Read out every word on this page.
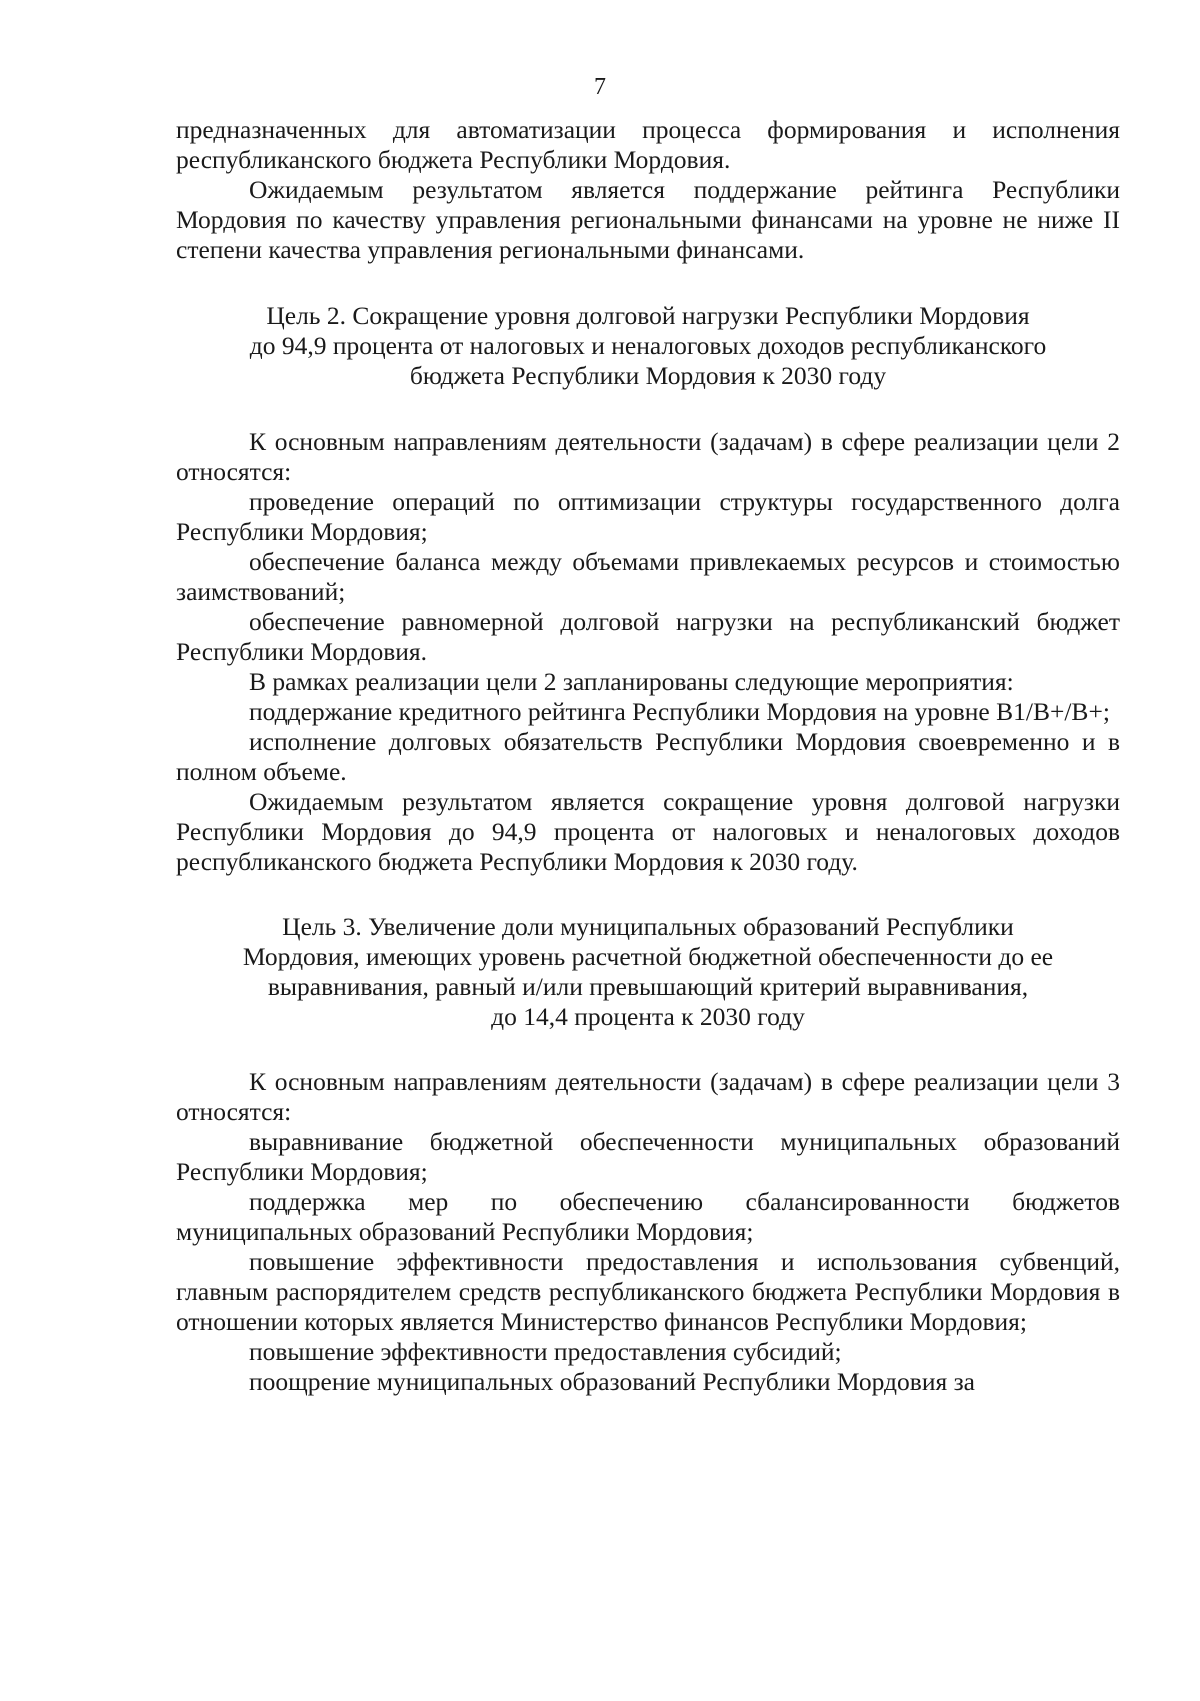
7

предназначенных для автоматизации процесса формирования и исполнения республиканского бюджета Республики Мордовия.

Ожидаемым результатом является поддержание рейтинга Республики Мордовия по качеству управления региональными финансами на уровне не ниже II степени качества управления региональными финансами.

Цель 2. Сокращение уровня долговой нагрузки Республики Мордовия
до 94,9 процента от налоговых и неналоговых доходов республиканского
бюджета Республики Мордовия к 2030 году

К основным направлениям деятельности (задачам) в сфере реализации цели 2 относятся:

проведение операций по оптимизации структуры государственного долга Республики Мордовия;

обеспечение баланса между объемами привлекаемых ресурсов и стоимостью заимствований;

обеспечение равномерной долговой нагрузки на республиканский бюджет Республики Мордовия.

В рамках реализации цели 2 запланированы следующие мероприятия:

поддержание кредитного рейтинга Республики Мордовия на уровне B1/B+/B+;

исполнение долговых обязательств Республики Мордовия своевременно и в полном объеме.

Ожидаемым результатом является сокращение уровня долговой нагрузки Республики Мордовия до 94,9 процента от налоговых и неналоговых доходов республиканского бюджета Республики Мордовия к 2030 году.

Цель 3. Увеличение доли муниципальных образований Республики
Мордовия, имеющих уровень расчетной бюджетной обеспеченности до ее
выравнивания, равный и/или превышающий критерий выравнивания,
до 14,4 процента к 2030 году

К основным направлениям деятельности (задачам) в сфере реализации цели 3 относятся:

выравнивание бюджетной обеспеченности муниципальных образований Республики Мордовия;

поддержка мер по обеспечению сбалансированности бюджетов муниципальных образований Республики Мордовия;

повышение эффективности предоставления и использования субвенций, главным распорядителем средств республиканского бюджета Республики Мордовия в отношении которых является Министерство финансов Республики Мордовия;

повышение эффективности предоставления субсидий;

поощрение муниципальных образований Республики Мордовия за
